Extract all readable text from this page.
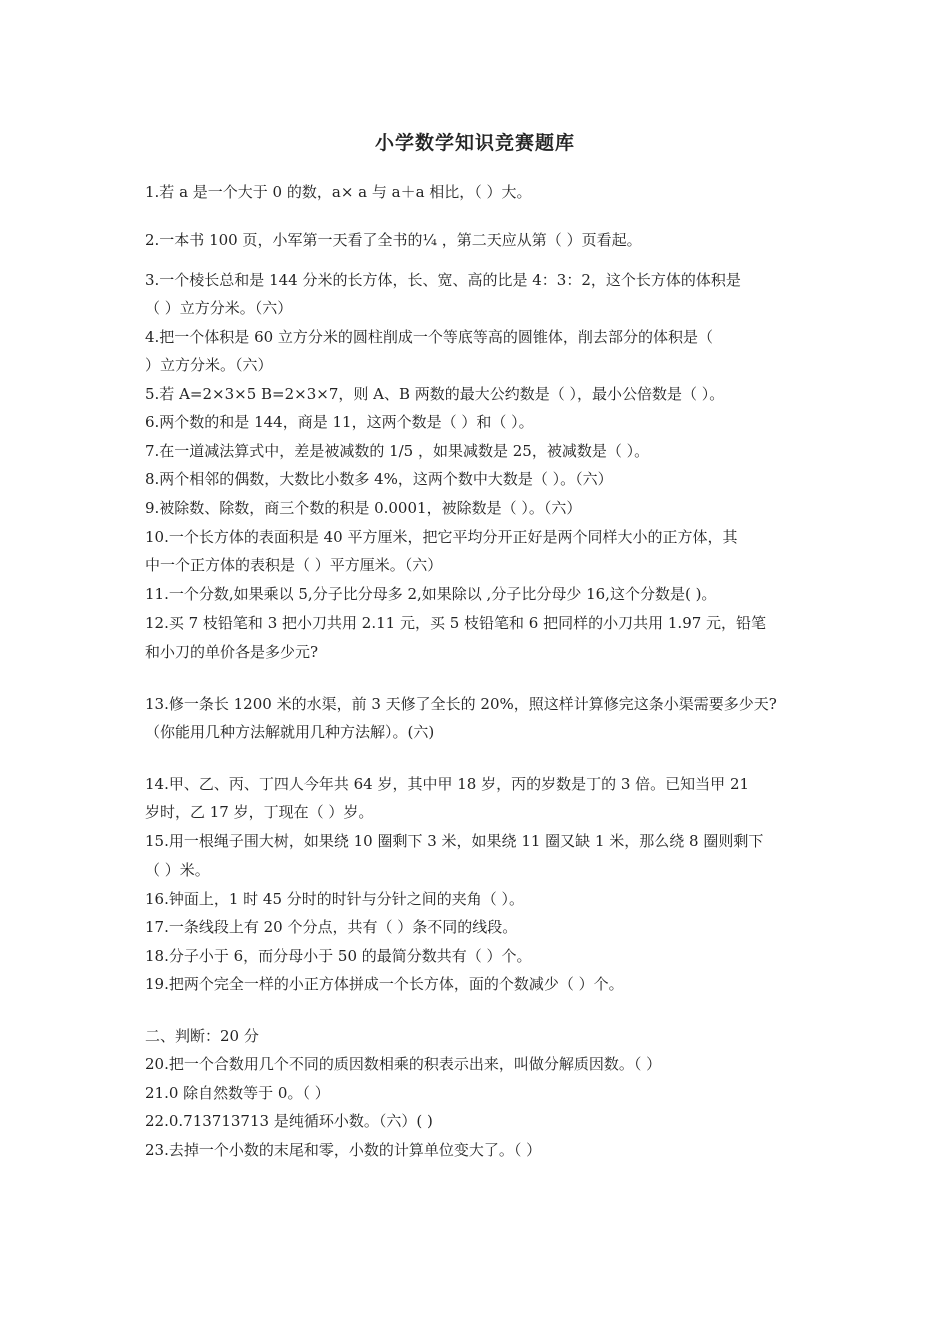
小学数学知识竞赛题库
1.若 a 是一个大于 0 的数，a× a 与 a＋a 相比，（ ）大。
2.一本书 100 页，小军第一天看了全书的¼ ，第二天应从第（ ）页看起。
3.一个棱长总和是 144 分米的长方体，长、宽、高的比是 4：3：2，这个长方体的体积是
（ ）立方分米。（六）
4.把一个体积是 60 立方分米的圆柱削成一个等底等高的圆锥体，削去部分的体积是（
）立方分米。（六）
5.若 A=2×3×5 B=2×3×7，则 A、B 两数的最大公约数是（ ），最小公倍数是（ ）。
6.两个数的和是 144，商是 11，这两个数是（ ）和（ ）。
7.在一道减法算式中，差是被减数的 1/5 ，如果减数是 25，被减数是（ ）。
8.两个相邻的偶数，大数比小数多 4%，这两个数中大数是（ ）。（六）
9.被除数、除数，商三个数的积是 0.0001，被除数是（ ）。（六）
10.一个长方体的表面积是 40 平方厘米，把它平均分开正好是两个同样大小的正方体，其
中一个正方体的表积是（ ）平方厘米。（六）
11.一个分数,如果乘以 5,分子比分母多 2,如果除以 ,分子比分母少 16,这个分数是( )。
12.买 7 枝铅笔和 3 把小刀共用 2.11 元，买 5 枝铅笔和 6 把同样的小刀共用 1.97 元，铅笔
和小刀的单价各是多少元?
13.修一条长 1200 米的水渠，前 3 天修了全长的 20%，照这样计算修完这条小渠需要多少天?
（你能用几种方法解就用几种方法解）。(六)
14.甲、乙、丙、丁四人今年共 64 岁，其中甲 18 岁，丙的岁数是丁的 3 倍。已知当甲 21
岁时，乙 17 岁，丁现在（ ）岁。
15.用一根绳子围大树，如果绕 10 圈剩下 3 米，如果绕 11 圈又缺 1 米，那么绕 8 圈则剩下
（ ）米。
16.钟面上，1 时 45 分时的时针与分针之间的夹角（ ）。
17.一条线段上有 20 个分点，共有（ ）条不同的线段。
18.分子小于 6，而分母小于 50 的最简分数共有（ ）个。
19.把两个完全一样的小正方体拼成一个长方体，面的个数减少（ ）个。
二、判断：20 分
20.把一个合数用几个不同的质因数相乘的积表示出来，叫做分解质因数。（ ）
21.0 除自然数等于 0。（ ）
22.0.713713713 是纯循环小数。（六）( )
23.去掉一个小数的末尾和零，小数的计算单位变大了。（ ）
